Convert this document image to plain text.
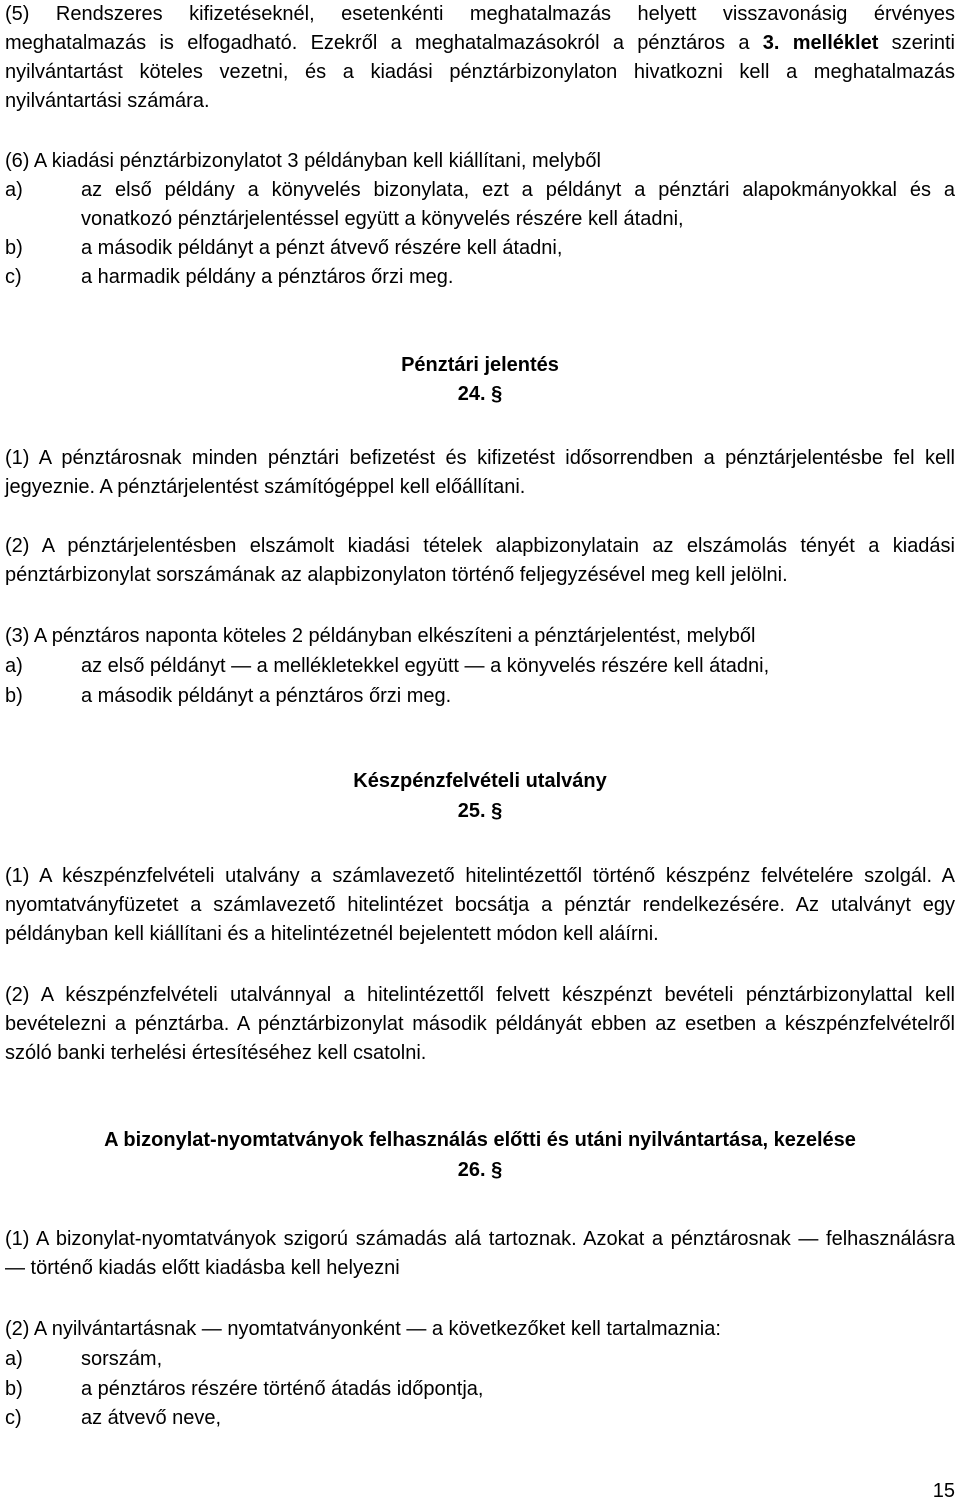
(5) Rendszeres kifizetéseknél, esetenkénti meghatalmazás helyett visszavonásig érvényes
meghatalmazás is elfogadható. Ezekről a meghatalmazásokról a pénztáros a 3. melléklet szerinti
nyilvántartást köteles vezetni, és a kiadási pénztárbizonylaton hivatkozni kell a meghatalmazás
nyilvántartási számára.
(6) A kiadási pénztárbizonylatot 3 példányban kell kiállítani, melyből
a)	az első példány a könyvelés bizonylata, ezt a példányt a pénztári alapokmányokkal és a vonatkozó pénztárjelentéssel együtt a könyvelés részére kell átadni,
b)	a második példányt a pénzt átvevő részére kell átadni,
c)	a harmadik példány a pénztáros őrzi meg.
Pénztári jelentés
24. §
(1) A pénztárosnak minden pénztári befizetést és kifizetést idősorrendben a pénztárjelentésbe fel kell jegyeznie. A pénztárjelentést számítógéppel kell előállítani.
(2) A pénztárjelentésben elszámolt kiadási tételek alapbizonylatain az elszámolás tényét a kiadási pénztárbizonylat sorszámának az alapbizonylaton történő feljegyzésével meg kell jelölni.
(3) A pénztáros naponta köteles 2 példányban elkészíteni a pénztárjelentést, melyből
a)	az első példányt — a mellékletekkel együtt — a könyvelés részére kell átadni,
b)	a második példányt a pénztáros őrzi meg.
Készpénzfelvételi utalvány
25. §
(1) A készpénzfelvételi utalvány a számlavezető hitelintézettől történő készpénz felvételére szolgál. A nyomtatványfüzetet a számlavezető hitelintézet bocsátja a pénztár rendelkezésére. Az utalványt egy példányban kell kiállítani és a hitelintézetnél bejelentett módon kell aláírni.
(2) A készpénzfelvételi utalvánnyal a hitelintézettől felvett készpénzt bevételi pénztárbizonylattal kell bevételezni a pénztárba. A pénztárbizonylat második példányát ebben az esetben a készpénzfelvételről szóló banki terhelési értesítéséhez kell csatolni.
A bizonylat-nyomtatványok felhasználás előtti és utáni nyilvántartása, kezelése
26. §
(1) A bizonylat-nyomtatványok szigorú számadás alá tartoznak. Azokat a pénztárosnak — felhasználásra — történő kiadás előtt kiadásba kell helyezni
(2) A nyilvántartásnak — nyomtatványonként — a következőket kell tartalmaznia:
a)	sorszám,
b)	a pénztáros részére történő átadás időpontja,
c)	az átvevő neve,
15
